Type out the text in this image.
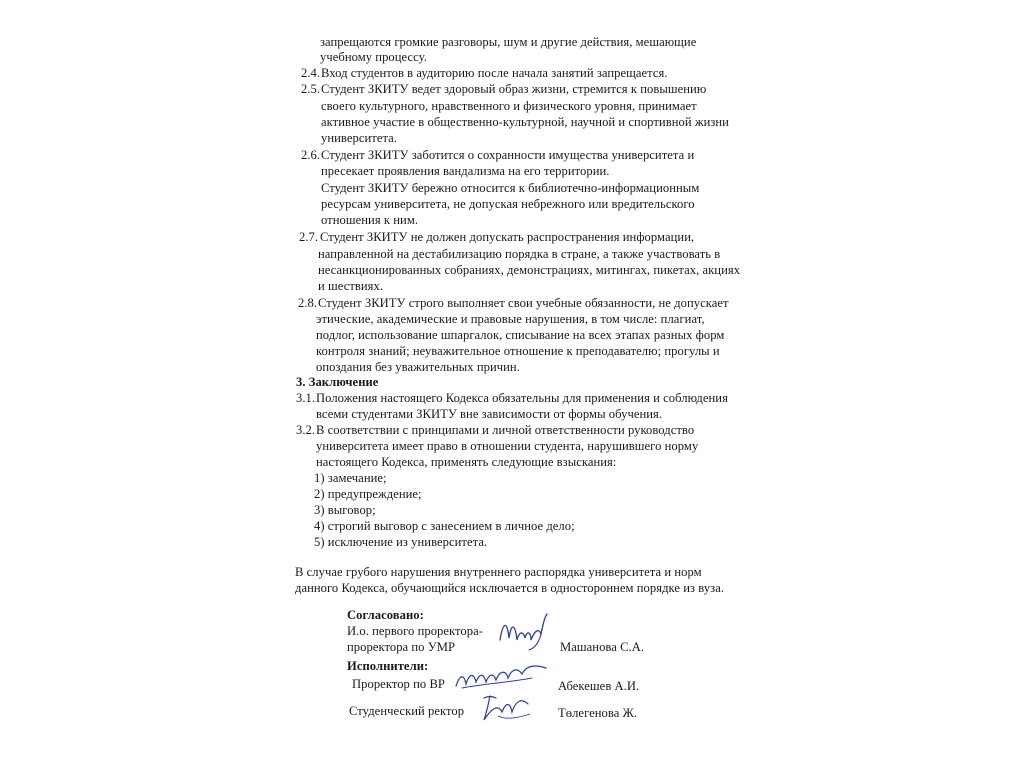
запрещаются громкие разговоры, шум и другие действия, мешающие
учебному процессу.
2.4. Вход студентов в аудиторию после начала занятий запрещается.
2.5. Студент ЗКИТУ ведет здоровый образ жизни, стремится к повышению
своего культурного, нравственного и физического уровня, принимает
активное участие в общественно-культурной, научной и спортивной жизни
университета.
2.6. Студент ЗКИТУ заботится о сохранности имущества университета и
пресекает проявления вандализма на его территории.
Студент ЗКИТУ бережно относится к библиотечно-информационным
ресурсам университета, не допуская небрежного или вредительского
отношения к ним.
2.7. Студент ЗКИТУ не должен допускать распространения информации,
направленной на дестабилизацию порядка в стране, а также участвовать в
несанкционированных собраниях, демонстрациях, митингах, пикетах, акциях
и шествиях.
2.8. Студент ЗКИТУ строго выполняет свои учебные обязанности, не допускает
этические, академические и правовые нарушения, в том числе: плагиат,
подлог, использование шпаргалок, списывание на всех этапах разных форм
контроля знаний; неуважительное отношение к преподавателю; прогулы и
опоздания без уважительных причин.
3. Заключение
3.1. Положения настоящего Кодекса обязательны для применения и соблюдения
всеми студентами ЗКИТУ вне зависимости от формы обучения.
3.2. В соответствии с принципами и личной ответственности руководство
университета имеет право в отношении студента, нарушившего норму
настоящего Кодекса, применять следующие взыскания:
1) замечание;
2) предупреждение;
3) выговор;
4) строгий выговор с занесением в личное дело;
5) исключение из университета.
В случае грубого нарушения внутреннего распорядка университета и норм
данного Кодекса, обучающийся исключается в одностороннем порядке из вуза.
Согласовано:
И.о. первого проректора-
проректора по УМР	Машанова С.А.
Исполнители:
Проректор по ВР	Абекешев А.И.
Студенческий ректор	Төлегенова Ж.
